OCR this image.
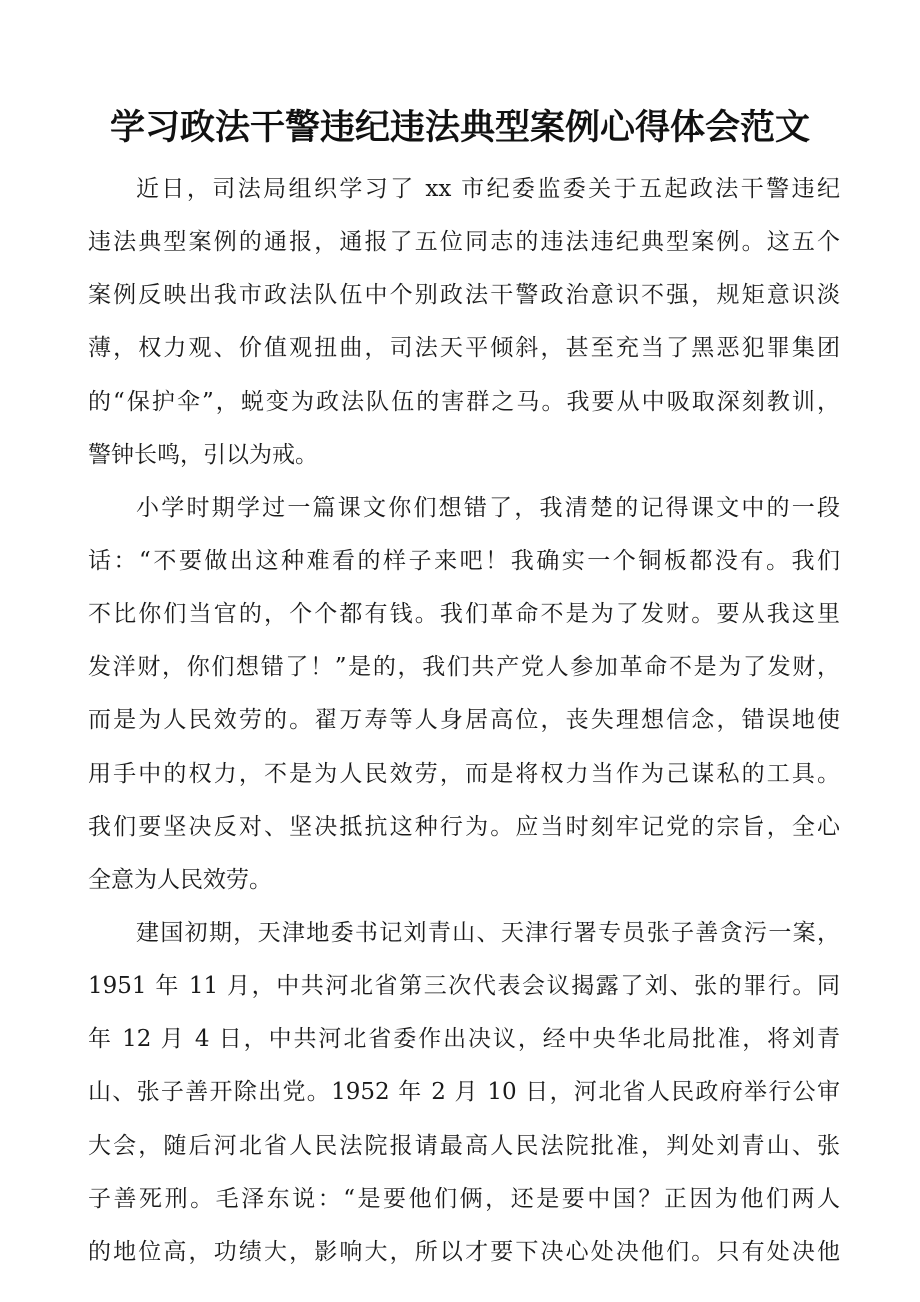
学习政法干警违纪违法典型案例心得体会范文
近日，司法局组织学习了 xx 市纪委监委关于五起政法干警违纪
违法典型案例的通报，通报了五位同志的违法违纪典型案例。这五个
案例反映出我市政法队伍中个别政法干警政治意识不强，规矩意识淡
薄，权力观、价值观扭曲，司法天平倾斜，甚至充当了黑恶犯罪集团
的“保护伞”，蜕变为政法队伍的害群之马。我要从中吸取深刻教训，
警钟长鸣，引以为戒。
小学时期学过一篇课文你们想错了，我清楚的记得课文中的一段
话：“不要做出这种难看的样子来吧！我确实一个铜板都没有。我们
不比你们当官的，个个都有钱。我们革命不是为了发财。要从我这里
发洋财，你们想错了！”是的，我们共产党人参加革命不是为了发财，
而是为人民效劳的。翟万寿等人身居高位，丧失理想信念，错误地使
用手中的权力，不是为人民效劳，而是将权力当作为己谋私的工具。
我们要坚决反对、坚决抵抗这种行为。应当时刻牢记党的宗旨，全心
全意为人民效劳。
建国初期，天津地委书记刘青山、天津行署专员张子善贪污一案，
1951 年 11 月，中共河北省第三次代表会议揭露了刘、张的罪行。同
年 12 月 4 日，中共河北省委作出决议，经中央华北局批准，将刘青
山、张子善开除出党。1952 年 2 月 10 日，河北省人民政府举行公审
大会，随后河北省人民法院报请最高人民法院批准，判处刘青山、张
子善死刑。毛泽东说：“是要他们俩，还是要中国？正因为他们两人
的地位高，功绩大，影响大，所以才要下决心处决他们。只有处决他
